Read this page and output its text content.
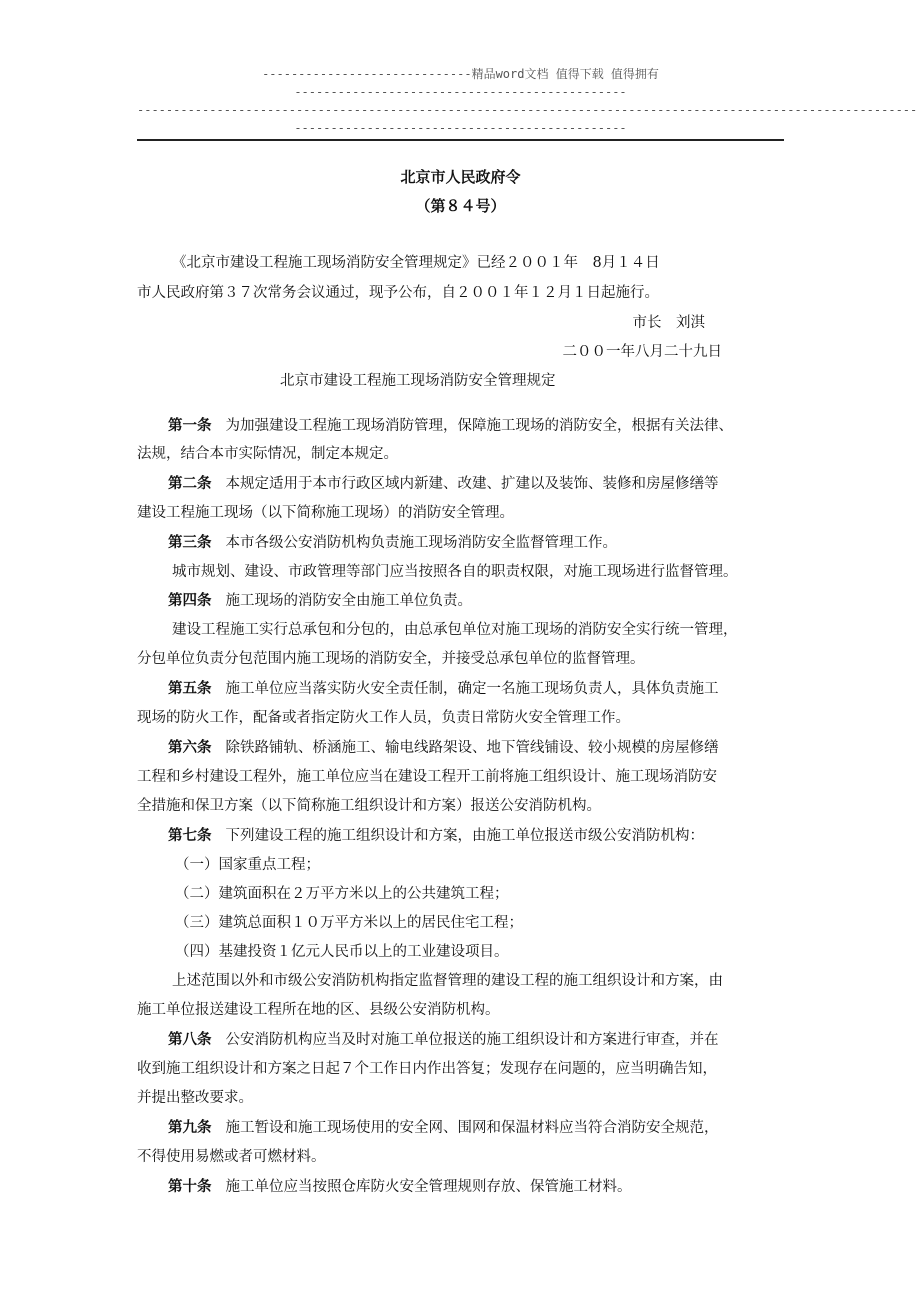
-----------------------------精品word文档 值得下载 值得拥有
----------------------------------------------
------------------------------------------------------------------------------------------------------------
----------------------------------------------
北京市人民政府令
（第８４号）
《北京市建设工程施工现场消防安全管理规定》已经２００１年　8月１４日
市人民政府第３７次常务会议通过，现予公布，自２００１年１２月１日起施行。
市长　刘淇
二００一年八月二十九日
北京市建设工程施工现场消防安全管理规定
第一条 为加强建设工程施工现场消防管理，保障施工现场的消防安全，根据有关法律、
法规，结合本市实际情况，制定本规定。
第二条 本规定适用于本市行政区域内新建、改建、扩建以及装饰、装修和房屋修缮等
建设工程施工现场（以下简称施工现场）的消防安全管理。
第三条 本市各级公安消防机构负责施工现场消防安全监督管理工作。
城市规划、建设、市政管理等部门应当按照各自的职责权限，对施工现场进行监督管理。
第四条 施工现场的消防安全由施工单位负责。
建设工程施工实行总承包和分包的，由总承包单位对施工现场的消防安全实行统一管理，
分包单位负责分包范围内施工现场的消防安全，并接受总承包单位的监督管理。
第五条 施工单位应当落实防火安全责任制，确定一名施工现场负责人，具体负责施工
现场的防火工作，配备或者指定防火工作人员，负责日常防火安全管理工作。
第六条 除铁路铺轨、桥涵施工、输电线路架设、地下管线铺设、较小规模的房屋修缮
工程和乡村建设工程外，施工单位应当在建设工程开工前将施工组织设计、施工现场消防安
全措施和保卫方案（以下简称施工组织设计和方案）报送公安消防机构。
第七条 下列建设工程的施工组织设计和方案，由施工单位报送市级公安消防机构：
（一）国家重点工程；
（二）建筑面积在２万平方米以上的公共建筑工程；
（三）建筑总面积１０万平方米以上的居民住宅工程；
（四）基建投资１亿元人民币以上的工业建设项目。
上述范围以外和市级公安消防机构指定监督管理的建设工程的施工组织设计和方案，由
施工单位报送建设工程所在地的区、县级公安消防机构。
第八条 公安消防机构应当及时对施工单位报送的施工组织设计和方案进行审查，并在
收到施工组织设计和方案之日起７个工作日内作出答复；发现存在问题的，应当明确告知，
并提出整改要求。
第九条 施工暂设和施工现场使用的安全网、围网和保温材料应当符合消防安全规范，
不得使用易燃或者可燃材料。
第十条 施工单位应当按照仓库防火安全管理规则存放、保管施工材料。
